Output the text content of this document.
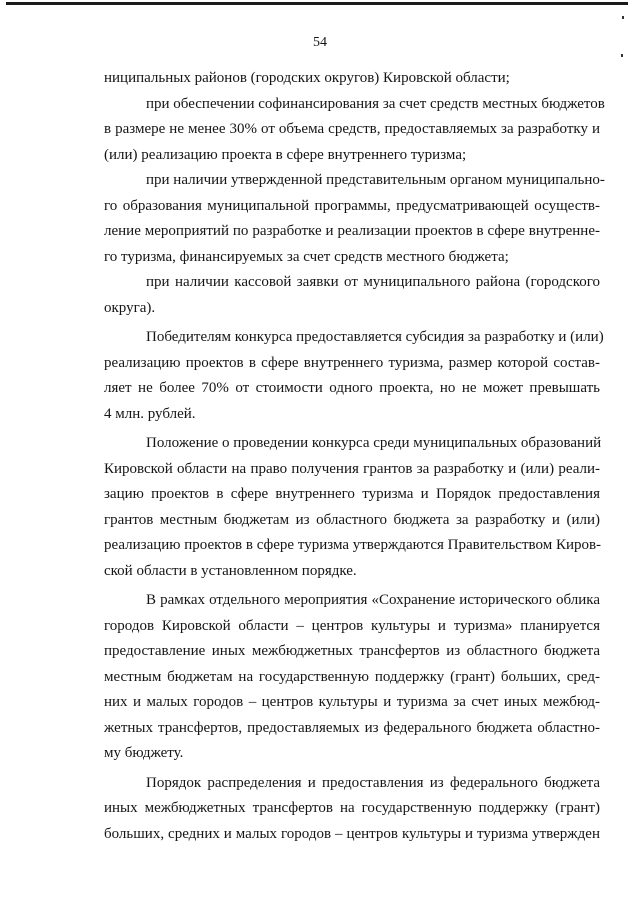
54
ниципальных районов (городских округов) Кировской области;
при обеспечении софинансирования за счет средств местных бюджетов
в размере не менее 30% от объема средств, предоставляемых за разработку и
(или) реализацию проекта в сфере внутреннего туризма;
при наличии утвержденной представительным органом муниципально-
го образования муниципальной программы, предусматривающей осуществ-
ление мероприятий по разработке и реализации проектов в сфере внутренне-
го туризма, финансируемых за счет средств местного бюджета;
при наличии кассовой заявки от муниципального района (городского
округа).
Победителям конкурса предоставляется субсидия за разработку и (или)
реализацию проектов в сфере внутреннего туризма, размер которой состав-
ляет не более 70% от стоимости одного проекта, но не может превышать
4 млн. рублей.
Положение о проведении конкурса среди муниципальных образований
Кировской области на право получения грантов за разработку и (или) реали-
зацию проектов в сфере внутреннего туризма и Порядок предоставления
грантов местным бюджетам из областного бюджета за разработку и (или)
реализацию проектов в сфере туризма утверждаются Правительством Киров-
ской области в установленном порядке.
В рамках отдельного мероприятия «Сохранение исторического облика
городов Кировской области – центров культуры и туризма» планируется
предоставление иных межбюджетных трансфертов из областного бюджета
местным бюджетам на государственную поддержку (грант) больших, сред-
них и малых городов – центров культуры и туризма за счет иных межбюд-
жетных трансфертов, предоставляемых из федерального бюджета областно-
му бюджету.
Порядок распределения и предоставления из федерального бюджета
иных межбюджетных трансфертов на государственную поддержку (грант)
больших, средних и малых городов – центров культуры и туризма утвержден
